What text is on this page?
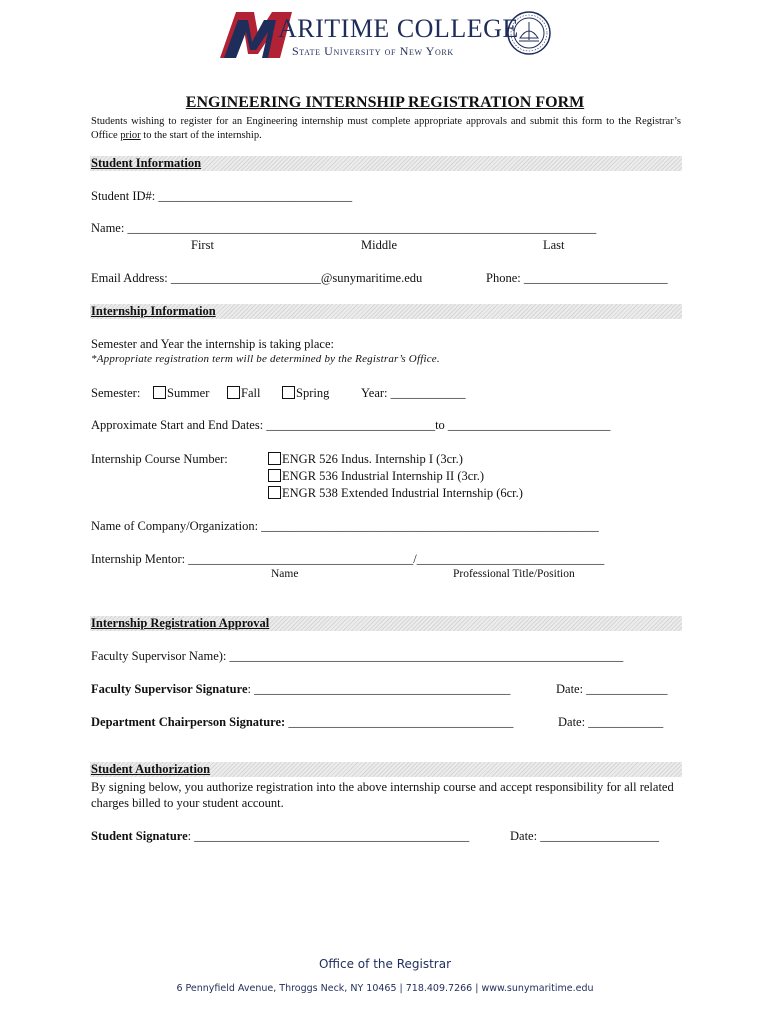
ARITIME COLLEGE
State University of New York
ENGINEERING INTERNSHIP REGISTRATION FORM
Students wishing to register for an Engineering internship must complete appropriate approvals and submit this form to the Registrar’s Office prior to the start of the internship.
Student Information
Student ID#: _______________________________
Name: ___________________________________________________________________________
First	Middle	Last
Email Address: ________________________@sunymaritime.edu	Phone: _______________________
Internship Information
Semester and Year the internship is taking place:
*Appropriate registration term will be determined by the Registrar’s Office.
Semester:	Summer	Fall	Spring	Year: ____________
Approximate Start and End Dates: ___________________________to __________________________
Internship Course Number:	ENGR 526 Indus. Internship I (3cr.)
ENGR 536 Industrial Internship II (3cr.)
ENGR 538 Extended Industrial Internship (6cr.)
Name of Company/Organization: ______________________________________________________
Internship Mentor: ____________________________________/______________________________
Name	Professional Title/Position
Internship Registration Approval
Faculty Supervisor Name): _______________________________________________________________
Faculty Supervisor Signature: _________________________________________	Date: _____________
Department Chairperson Signature: ____________________________________	Date: ____________
Student Authorization
By signing below, you authorize registration into the above internship course and accept responsibility for all related charges billed to your student account.
Student Signature: ____________________________________________	Date: ___________________
Office of the Registrar
6 Pennyfield Avenue, Throggs Neck, NY 10465 | 718.409.7266 | www.sunymaritime.edu
